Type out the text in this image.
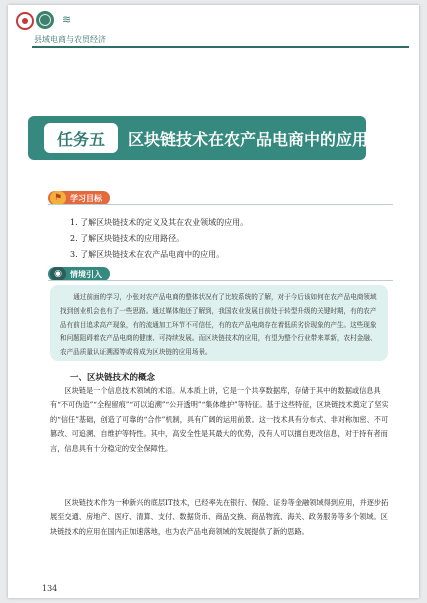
≋
县域电商与农贸经济
任务五	区块链技术在农产品电商中的应用
⚑ 学习目标
1. 了解区块链技术的定义及其在农业领域的应用。
2. 了解区块链技术的应用路径。
3. 了解区块链技术在农产品电商中的应用。
◉	情境引入
通过前面的学习，小张对农产品电商的整体状况有了比较系统的了解，对于今后该如何在农产品电商领域找到创业机会也有了一些思路。通过媒体他还了解到，我国农业发展目前处于转型升级的关键时期，有的农产品有前目追求高产现象，有的流通加工环节不可信任，有的农产品电商存在着低质劣价现象的产生。这些现象和问题阻碍着农产品电商的健康、可持续发展。而区块链技术的应用，有望为整个行业带来革新，农村金融、农产品质量认证溯源等或将成为区块链的应用场景。
一、区块链技术的概念

区块链是一个信息技术领域的术语。从本质上讲，它是一个共享数据库，存储于其中的数据或信息具有“不可伪造”“全程留痕”“可以追溯”“公开透明”“集体维护”等特征。基于这些特征，区块链技术奠定了坚实的“信任”基础，创造了可靠的“合作”机制，具有广阔的运用前景。这一技术具有分布式、非对称加密、不可篡改、可追溯、自维护等特性。其中，高安全性是其最大的优势，没有人可以擅自更改信息，对于持有者而言，信息具有十分稳定的安全保障性。

区块链技术作为一种新兴的底层IT技术，已经率先在银行、保险、证券等金融领域得到应用，并逐步拓展至交通、房地产、医疗、清算、支付、数据货币、商品交换、商品物流、海关、政务服务等多个领域。区块链技术的应用在国内正加速落地，也为农产品电商领域的发展提供了新的思路。

134
